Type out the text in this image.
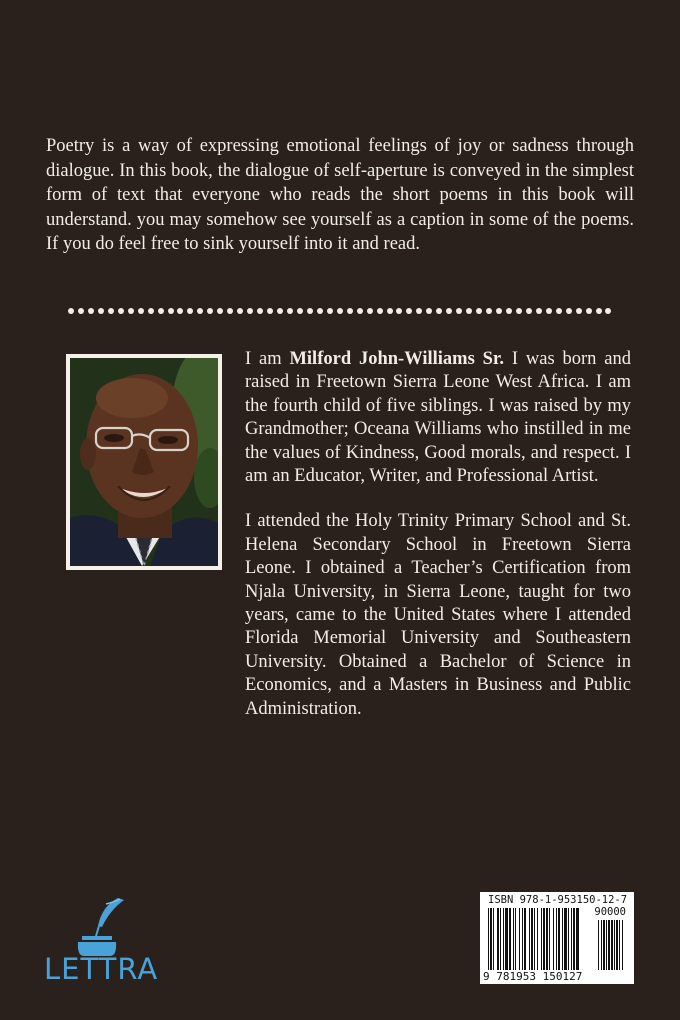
Poetry is a way of expressing emotional feelings of joy or sadness through dialogue. In this book, the dialogue of self-aperture is conveyed in the simplest form of text that everyone who reads the short poems in this book will understand. you may somehow see yourself as a caption in some of the poems. If you do feel free to sink yourself into it and read.

I am Milford John-Williams Sr. I was born and raised in Freetown Sierra Leone West Africa. I am the fourth child of five siblings. I was raised by my Grandmother; Oceana Williams who instilled in me the values of Kindness, Good morals, and respect. I am an Educator, Writer, and Professional Artist.

I attended the Holy Trinity Primary School and St. Helena Secondary School in Freetown Sierra Leone. I obtained a Teacher’s Certification from Njala University, in Sierra Leone, taught for two years, came to the United States where I attended Florida Memorial University and Southeastern University. Obtained a Bachelor of Science in Economics, and a Masters in Business and Public Administration.

LETTRA
ISBN 978-1-953150-12-7
90000
9 781953 150127
